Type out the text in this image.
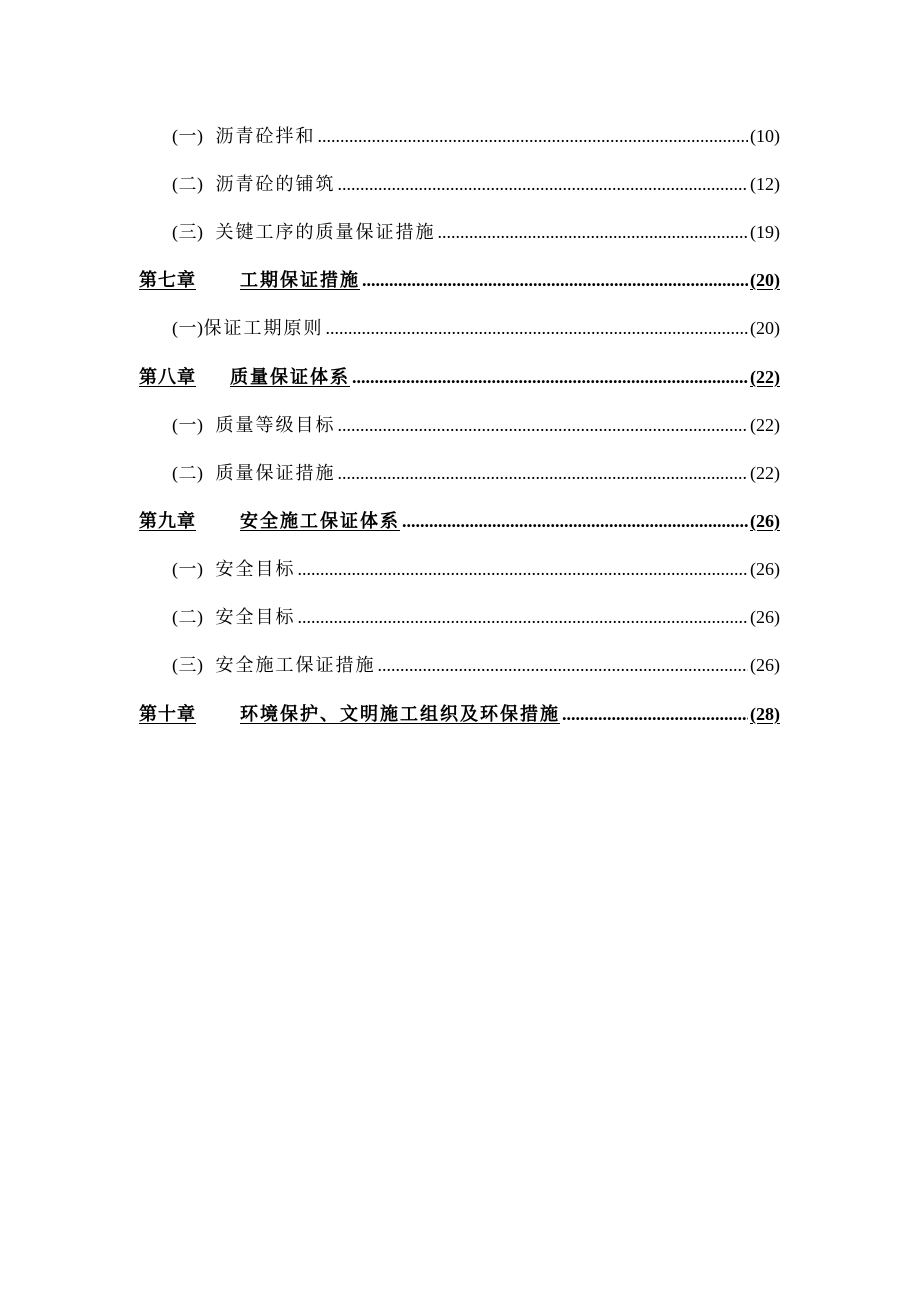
(一) 沥青砼拌和 .....	(10)
(二) 沥青砼的铺筑 .....	(12)
(三) 关键工序的质量保证措施 .....	(19)
第七章 工期保证措施 .....	(20)
(一) 保证工期原则 .....	(20)
第八章 质量保证体系 .....	(22)
(一) 质量等级目标 .....	(22)
(二) 质量保证措施 .....	(22)
第九章 安全施工保证体系 .....	(26)
(一) 安全目标 .....	(26)
(二) 安全目标 .....	(26)
(三) 安全施工保证措施 .....	(26)
第十章 环境保护、文明施工组织及环保措施 .....	(28)
